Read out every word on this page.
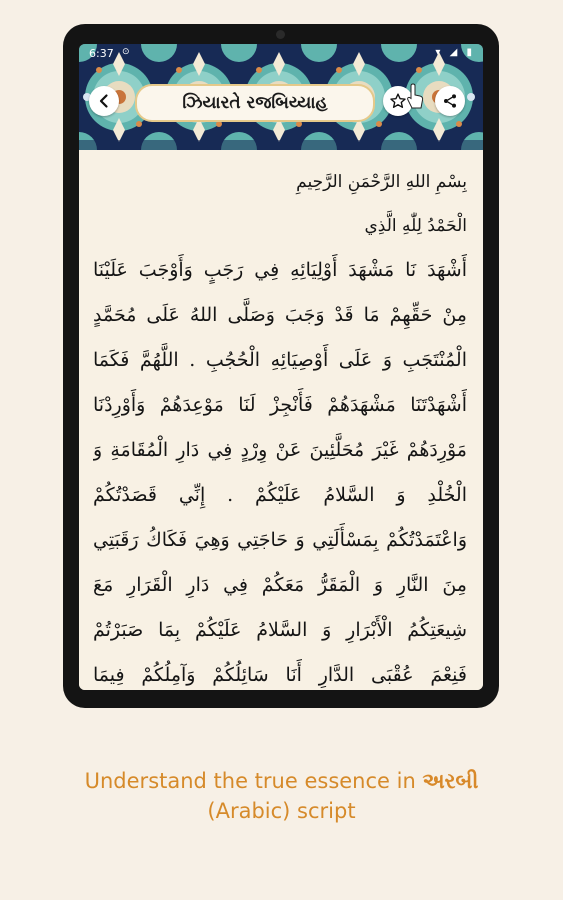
6:37 ⊙	▾ ◢ ▮
ઝિયારતે રજબિય્યાહ
بِسْمِ اللهِ الرَّحْمَنِ الرَّحِيمِ
الْحَمْدُ لِلّٰهِ الَّذِي
أَشْهَدَ نَا مَشْهَدَ أَوْلِيَائِهِ فِي رَجَبٍ وَأَوْجَبَ عَلَيْنَا
مِنْ حَقِّهِمْ مَا قَدْ وَجَبَ وَصَلَّى اللهُ عَلَى مُحَمَّدٍ
الْمُنْتَجَبِ وَ عَلَى أَوْصِيَائِهِ الْحُجُبِ . اللَّهُمَّ فَكَمَا
أَشْهَدْتَنَا مَشْهَدَهُمْ فَأَنْجِزْ لَنَا مَوْعِدَهُمْ وَأَوْرِدْنَا
مَوْرِدَهُمْ غَيْرَ مُحَلَّئِينَ عَنْ وِرْدٍ فِي دَارِ الْمُقَامَةِ وَ
الْخُلْدِ وَ السَّلامُ عَلَيْكُمْ . إِنِّي قَصَدْتُكُمْ
وَاعْتَمَدْتُكُمْ بِمَسْأَلَتِي وَ حَاجَتِي وَهِيَ فَكَاكُ رَقَبَتِي
مِنَ النَّارِ وَ الْمَقَرُّ مَعَكُمْ فِي دَارِ الْقَرَارِ مَعَ
شِيعَتِكُمُ الْأَبْرَارِ وَ السَّلامُ عَلَيْكُمْ بِمَا صَبَرْتُمْ
فَنِعْمَ عُقْبَى الدَّارِ أَنَا سَائِلُكُمْ وَآمِلُكُمْ فِيمَا
Understand the true essence in અરબી
(Arabic) script
